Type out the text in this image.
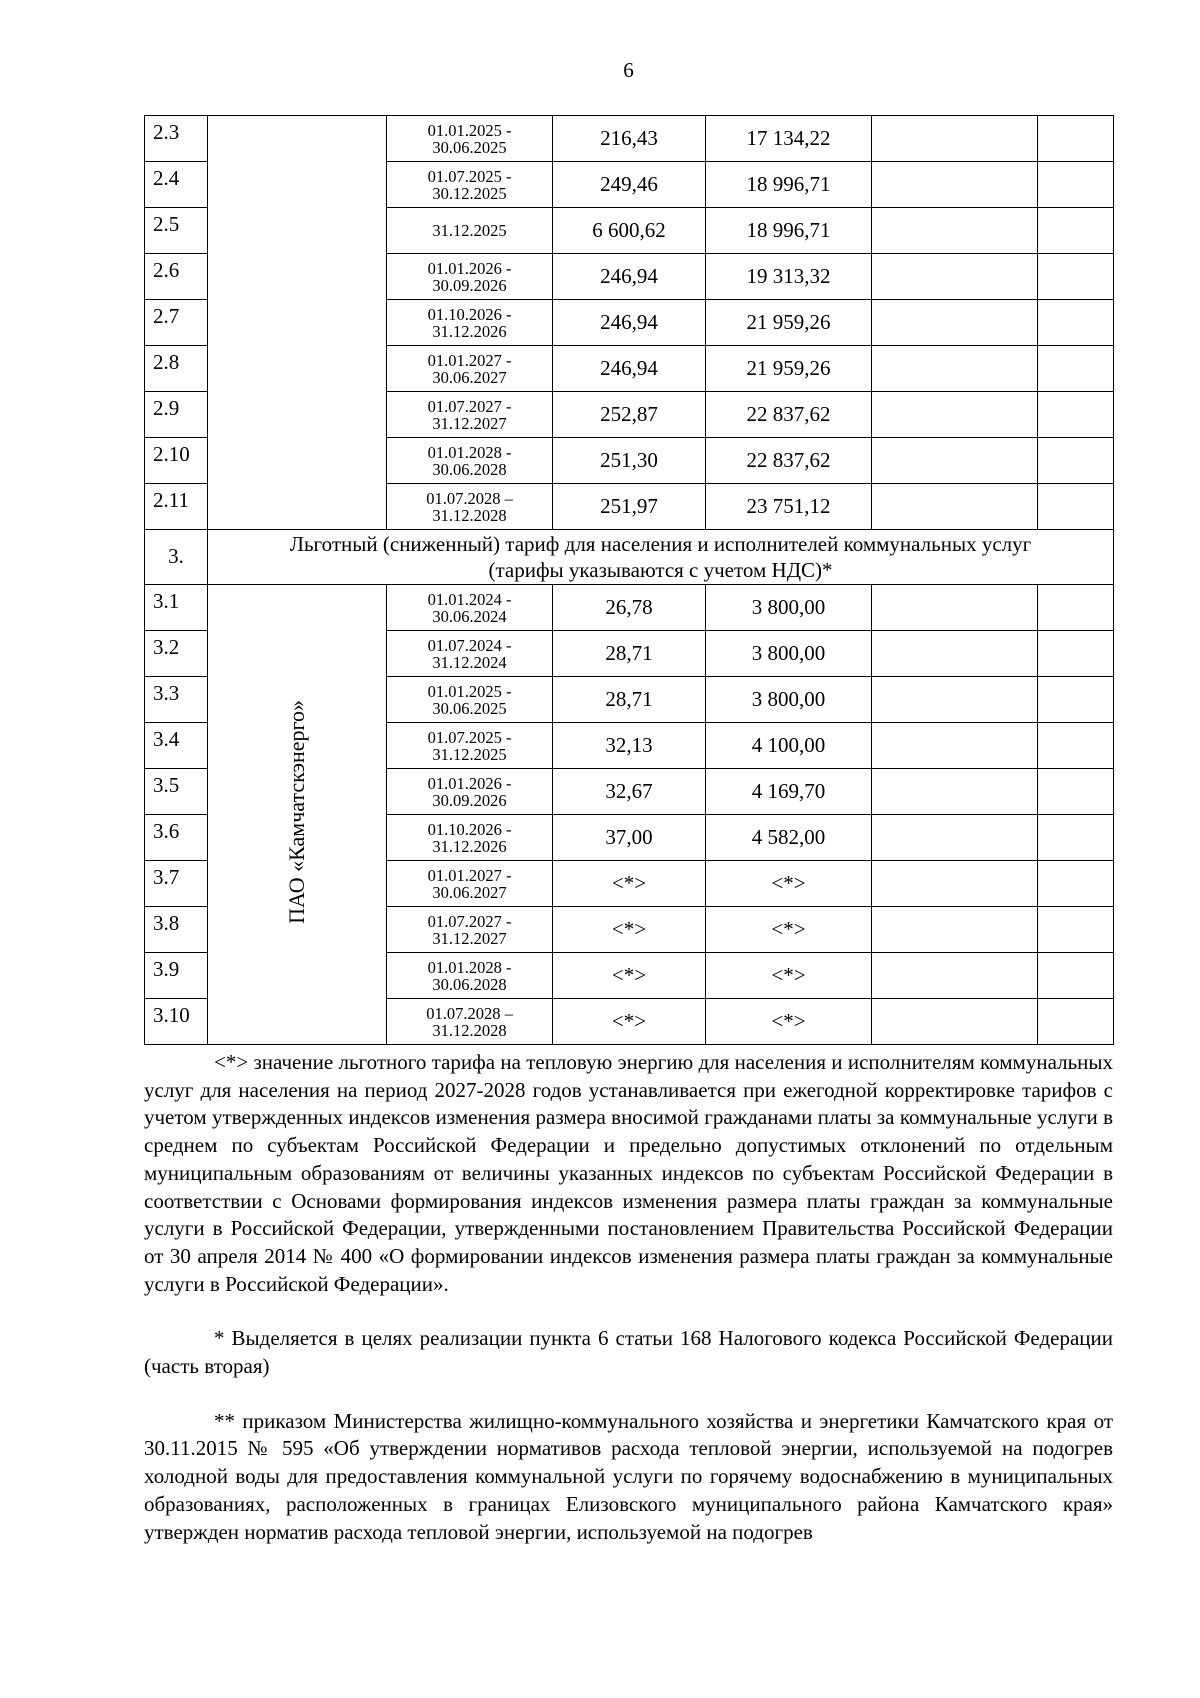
6
2.3		01.01.2025 -
30.06.2025	216,43	17 134,22		
2.4		01.07.2025 -
30.12.2025	249,46	18 996,71		
2.5		31.12.2025	6 600,62	18 996,71		
2.6		01.01.2026 -
30.09.2026	246,94	19 313,32		
2.7		01.10.2026 -
31.12.2026	246,94	21 959,26		
2.8		01.01.2027 -
30.06.2027	246,94	21 959,26		
2.9		01.07.2027 -
31.12.2027	252,87	22 837,62		
2.10		01.01.2028 -
30.06.2028	251,30	22 837,62		
2.11		01.07.2028 –
31.12.2028	251,97	23 751,12		
3.	Льготный (сниженный) тариф для населения и исполнителей коммунальных услуг
(тарифы указываются с учетом НДС)*					

3.1	ПАО «Камчатскэнерго»	01.01.2024 -
30.06.2024	26,78	3 800,00		
3.2		01.07.2024 -
31.12.2024	28,71	3 800,00		
3.3		01.01.2025 -
30.06.2025	28,71	3 800,00		
3.4		01.07.2025 -
31.12.2025	32,13	4 100,00		
3.5		01.01.2026 -
30.09.2026	32,67	4 169,70		
3.6		01.10.2026 -
31.12.2026	37,00	4 582,00		
3.7		01.01.2027 -
30.06.2027	<*>	<*>		
3.8		01.07.2027 -
31.12.2027	<*>	<*>		
3.9		01.01.2028 -
30.06.2028	<*>	<*>		
3.10		01.07.2028 –
31.12.2028	<*>	<*>		

<*> значение льготного тарифа на тепловую энергию для населения и исполнителям коммунальных услуг для населения на период 2027-2028 годов устанавливается при ежегодной корректировке тарифов с учетом утвержденных индексов изменения размера вносимой гражданами платы за коммунальные услуги в среднем по субъектам Российской Федерации и предельно допустимых отклонений по отдельным муниципальным образованиям от величины указанных индексов по субъектам Российской Федерации в соответствии с Основами формирования индексов изменения размера платы граждан за коммунальные услуги в Российской Федерации, утвержденными постановлением Правительства Российской Федерации от 30 апреля 2014 № 400 «О формировании индексов изменения размера платы граждан за коммунальные услуги в Российской Федерации».

* Выделяется в целях реализации пункта 6 статьи 168 Налогового кодекса Российской Федерации (часть вторая)

** приказом Министерства жилищно-коммунального хозяйства и энергетики Камчатского края от 30.11.2015 № 595 «Об утверждении нормативов расхода тепловой энергии, используемой на подогрев холодной воды для предоставления коммунальной услуги по горячему водоснабжению в муниципальных образованиях, расположенных в границах Елизовского муниципального района Камчатского края» утвержден норматив расхода тепловой энергии, используемой на подогрев
